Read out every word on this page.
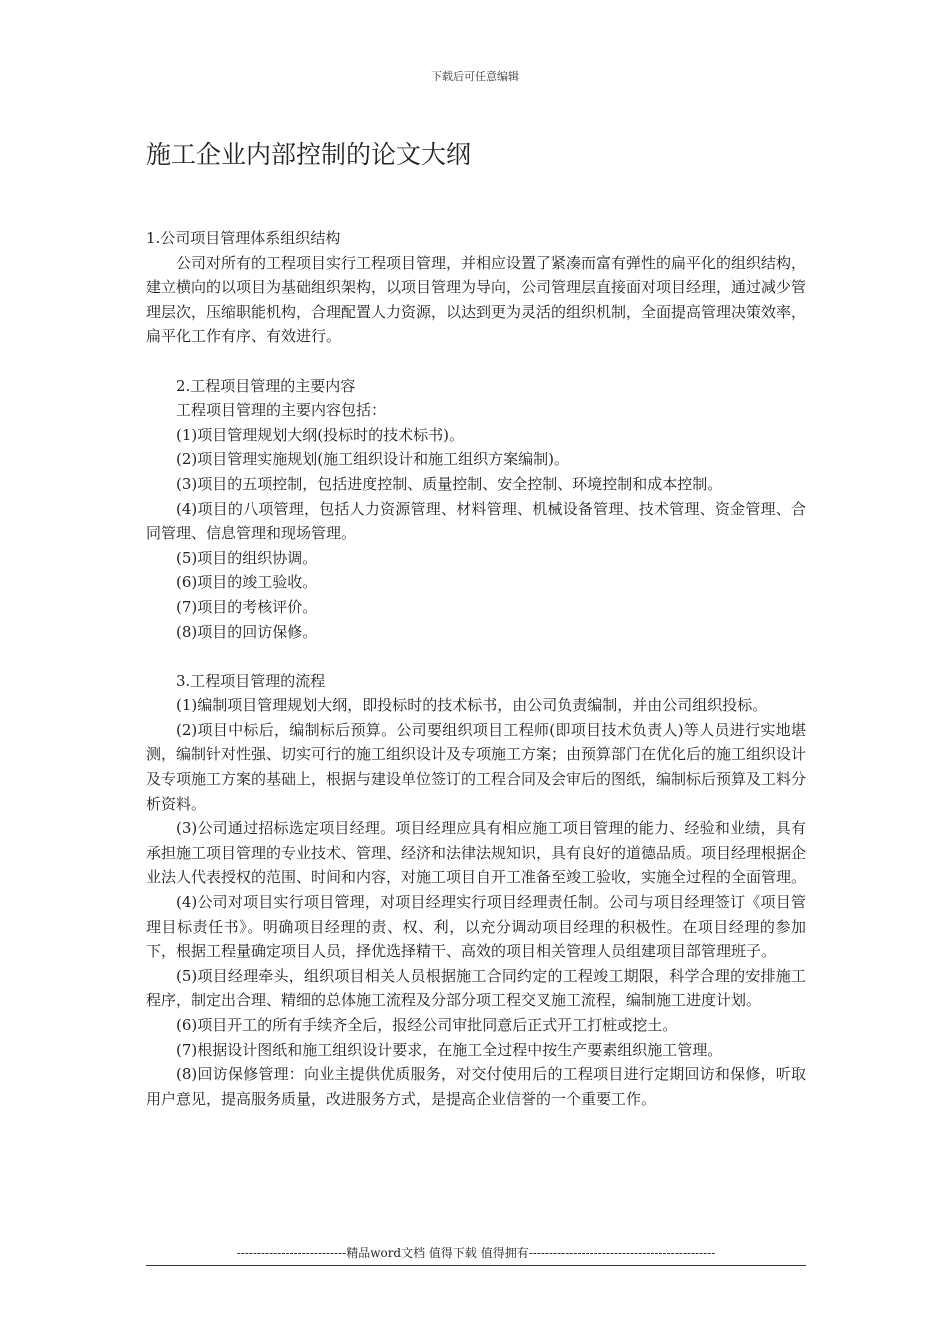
下载后可任意编辑
施工企业内部控制的论文大纲

1.公司项目管理体系组织结构

公司对所有的工程项目实行工程项目管理，并相应设置了紧凑而富有弹性的扁平化的组织结构，建立横向的以项目为基础组织架构，以项目管理为导向，公司管理层直接面对项目经理，通过减少管理层次，压缩职能机构，合理配置人力资源，以达到更为灵活的组织机制，全面提高管理决策效率，扁平化工作有序、有效进行。

2.工程项目管理的主要内容

工程项目管理的主要内容包括：

(1)项目管理规划大纲(投标时的技术标书)。

(2)项目管理实施规划(施工组织设计和施工组织方案编制)。

(3)项目的五项控制，包括进度控制、质量控制、安全控制、环境控制和成本控制。

(4)项目的八项管理，包括人力资源管理、材料管理、机械设备管理、技术管理、资金管理、合同管理、信息管理和现场管理。

(5)项目的组织协调。

(6)项目的竣工验收。

(7)项目的考核评价。

(8)项目的回访保修。

3.工程项目管理的流程

(1)编制项目管理规划大纲，即投标时的技术标书，由公司负责编制，并由公司组织投标。

(2)项目中标后，编制标后预算。公司要组织项目工程师(即项目技术负责人)等人员进行实地堪测，编制针对性强、切实可行的施工组织设计及专项施工方案；由预算部门在优化后的施工组织设计及专项施工方案的基础上，根据与建设单位签订的工程合同及会审后的图纸，编制标后预算及工料分析资料。

(3)公司通过招标选定项目经理。项目经理应具有相应施工项目管理的能力、经验和业绩，具有承担施工项目管理的专业技术、管理、经济和法律法规知识，具有良好的道德品质。项目经理根据企业法人代表授权的范围、时间和内容，对施工项目自开工准备至竣工验收，实施全过程的全面管理。

(4)公司对项目实行项目管理，对项目经理实行项目经理责任制。公司与项目经理签订《项目管理目标责任书》。明确项目经理的责、权、利，以充分调动项目经理的积极性。在项目经理的参加下，根据工程量确定项目人员，择优选择精干、高效的项目相关管理人员组建项目部管理班子。

(5)项目经理牵头，组织项目相关人员根据施工合同约定的工程竣工期限，科学合理的安排施工程序，制定出合理、精细的总体施工流程及分部分项工程交叉施工流程，编制施工进度计划。

(6)项目开工的所有手续齐全后，报经公司审批同意后正式开工打桩或挖土。

(7)根据设计图纸和施工组织设计要求，在施工全过程中按生产要素组织施工管理。

(8)回访保修管理：向业主提供优质服务，对交付使用后的工程项目进行定期回访和保修，听取用户意见，提高服务质量，改进服务方式，是提高企业信誉的一个重要工作。

---------------------------精品word文档 值得下载 值得拥有----------------------------------------------
